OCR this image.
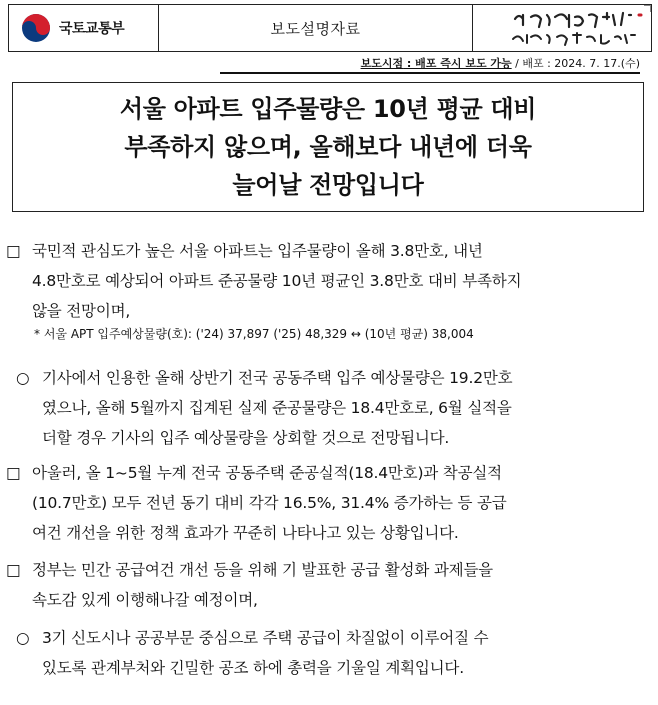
국토교통부	보도설명자료
보도시점 : 배포 즉시 보도 가능 / 배포 : 2024. 7. 17.(수)
서울 아파트 입주물량은 10년 평균 대비
부족하지 않으며, 올해보다 내년에 더욱
늘어날 전망입니다
□ 국민적 관심도가 높은 서울 아파트는 입주물량이 올해 3.8만호, 내년
4.8만호로 예상되어 아파트 준공물량 10년 평균인 3.8만호 대비 부족하지
않을 전망이며,
* 서울 APT 입주예상물량(호): ('24) 37,897 ('25) 48,329 ↔ (10년 평균) 38,004
○ 기사에서 인용한 올해 상반기 전국 공동주택 입주 예상물량은 19.2만호
였으나, 올해 5월까지 집계된 실제 준공물량은 18.4만호로, 6월 실적을
더할 경우 기사의 입주 예상물량을 상회할 것으로 전망됩니다.
□ 아울러, 올 1~5월 누계 전국 공동주택 준공실적(18.4만호)과 착공실적
(10.7만호) 모두 전년 동기 대비 각각 16.5%, 31.4% 증가하는 등 공급
여건 개선을 위한 정책 효과가 꾸준히 나타나고 있는 상황입니다.
□ 정부는 민간 공급여건 개선 등을 위해 기 발표한 공급 활성화 과제들을
속도감 있게 이행해나갈 예정이며,
○ 3기 신도시나 공공부문 중심으로 주택 공급이 차질없이 이루어질 수
있도록 관계부처와 긴밀한 공조 하에 총력을 기울일 계획입니다.
